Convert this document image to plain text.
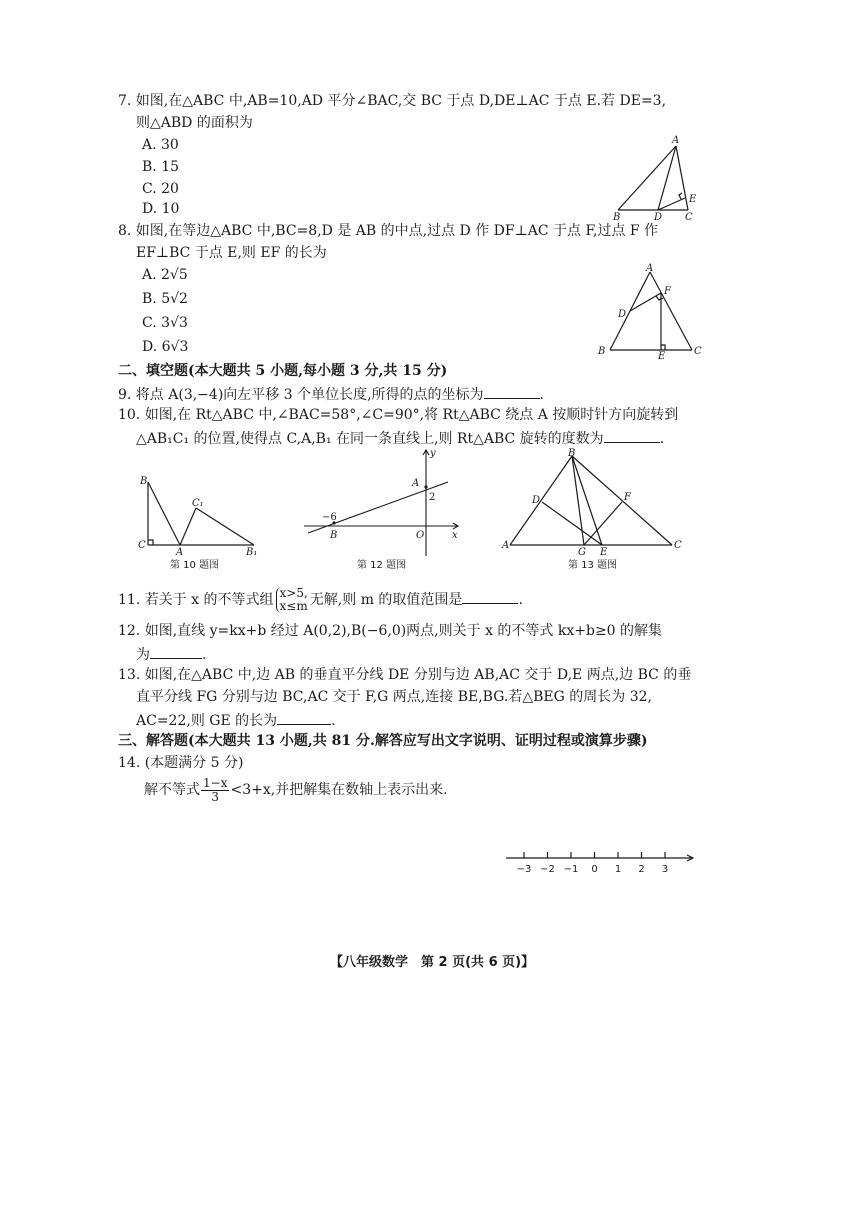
7. 如图,在△ABC 中,AB=10,AD 平分∠BAC,交 BC 于点 D,DE⊥AC 于点 E.若 DE=3,
则△ABD 的面积为
A. 30
B. 15
C. 20
D. 10
A
B	D C
E
8. 如图,在等边△ABC 中,BC=8,D 是 AB 的中点,过点 D 作 DF⊥AC 于点 F,过点 F 作
EF⊥BC 于点 E,则 EF 的长为
A. 2√5
B. 5√2
C. 3√3
D. 6√3
A
B	C
D
F
E
二、填空题(本大题共 5 小题,每小题 3 分,共 15 分)
9. 将点 A(3,−4)向左平移 3 个单位长度,所得的点的坐标为	.
10. 如图,在 Rt△ABC 中,∠BAC=58°,∠C=90°,将 Rt△ABC 绕点 A 按顺时针方向旋转到
△AB₁C₁ 的位置,使得点 C,A,B₁ 在同一条直线上,则 Rt△ABC 旋转的度数为	.
B
C
A
C₁
B₁
第 10 题图
y
x
A
2
O
B
−6
第 12 题图
B
A	C
D	F
G E
第 13 题图
11. 若关于 x 的不等式组 x>5,
x≤m 无解,则 m 的取值范围是	.
12. 如图,直线 y=kx+b 经过 A(0,2),B(−6,0)两点,则关于 x 的不等式 kx+b≥0 的解集
为	.
13. 如图,在△ABC 中,边 AB 的垂直平分线 DE 分别与边 AB,AC 交于 D,E 两点,边 BC 的垂
直平分线 FG 分别与边 BC,AC 交于 F,G 两点,连接 BE,BG.若△BEG 的周长为 32,
AC=22,则 GE 的长为	.
三、解答题(本大题共 13 小题,共 81 分.解答应写出文字说明、证明过程或演算步骤)
14. (本题满分 5 分)
解不等式 $\frac{1-x}{3} <3+x$,并把解集在数轴上表示出来.
−3 −2 −1 0 1 2 3
【八年级数学　第 2 页(共 6 页)】
